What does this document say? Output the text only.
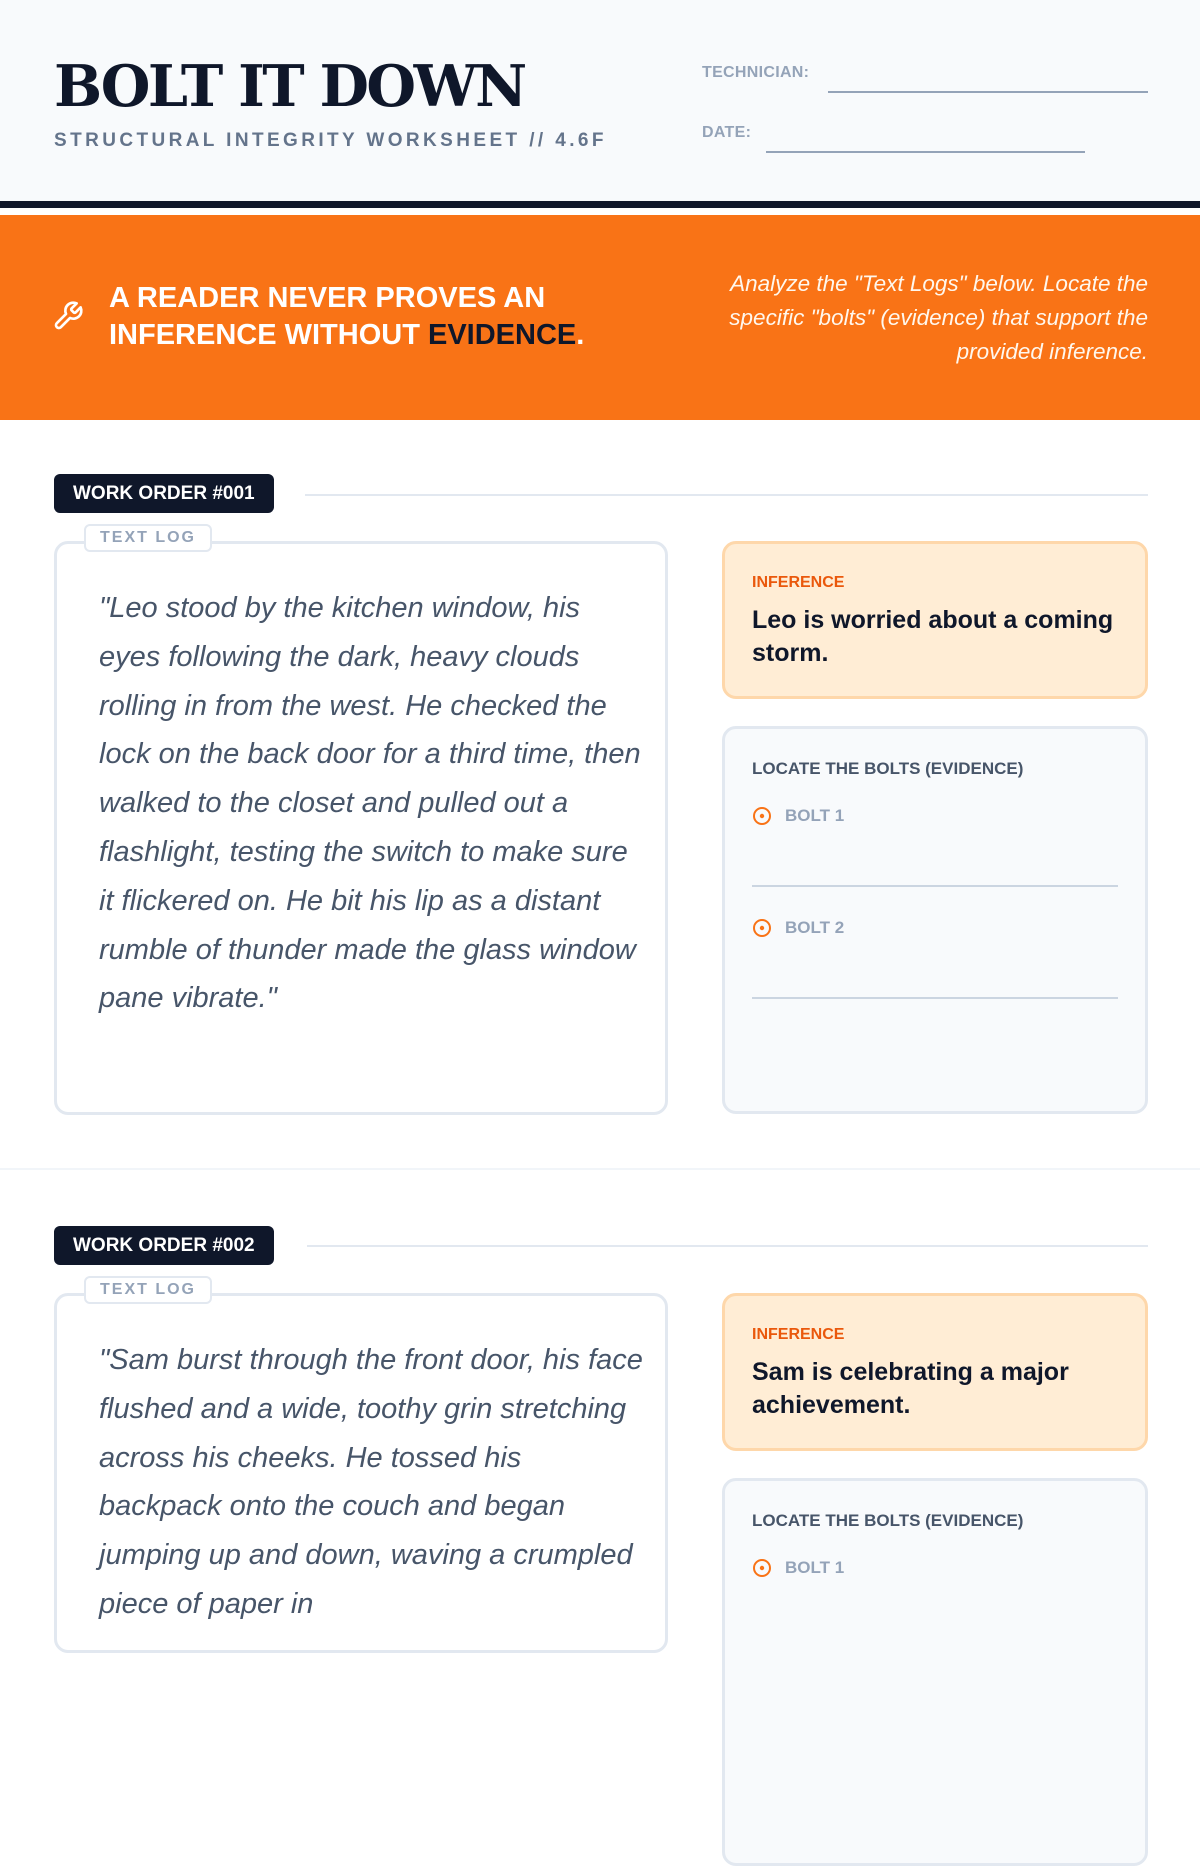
BOLT IT DOWN
STRUCTURAL INTEGRITY WORKSHEET // 4.6F
TECHNICIAN:
DATE:
A READER NEVER PROVES AN INFERENCE WITHOUT EVIDENCE.
Analyze the "Text Logs" below. Locate the specific "bolts" (evidence) that support the provided inference.
WORK ORDER #001
TEXT LOG
"Leo stood by the kitchen window, his eyes following the dark, heavy clouds rolling in from the west. He checked the lock on the back door for a third time, then walked to the closet and pulled out a flashlight, testing the switch to make sure it flickered on. He bit his lip as a distant rumble of thunder made the glass window pane vibrate."
INFERENCE
Leo is worried about a coming storm.
LOCATE THE BOLTS (EVIDENCE)
BOLT 1
BOLT 2
WORK ORDER #002
TEXT LOG
"Sam burst through the front door, his face flushed and a wide, toothy grin stretching across his cheeks. He tossed his backpack onto the couch and began jumping up and down, waving a crumpled piece of paper in
INFERENCE
Sam is celebrating a major achievement.
LOCATE THE BOLTS (EVIDENCE)
BOLT 1
